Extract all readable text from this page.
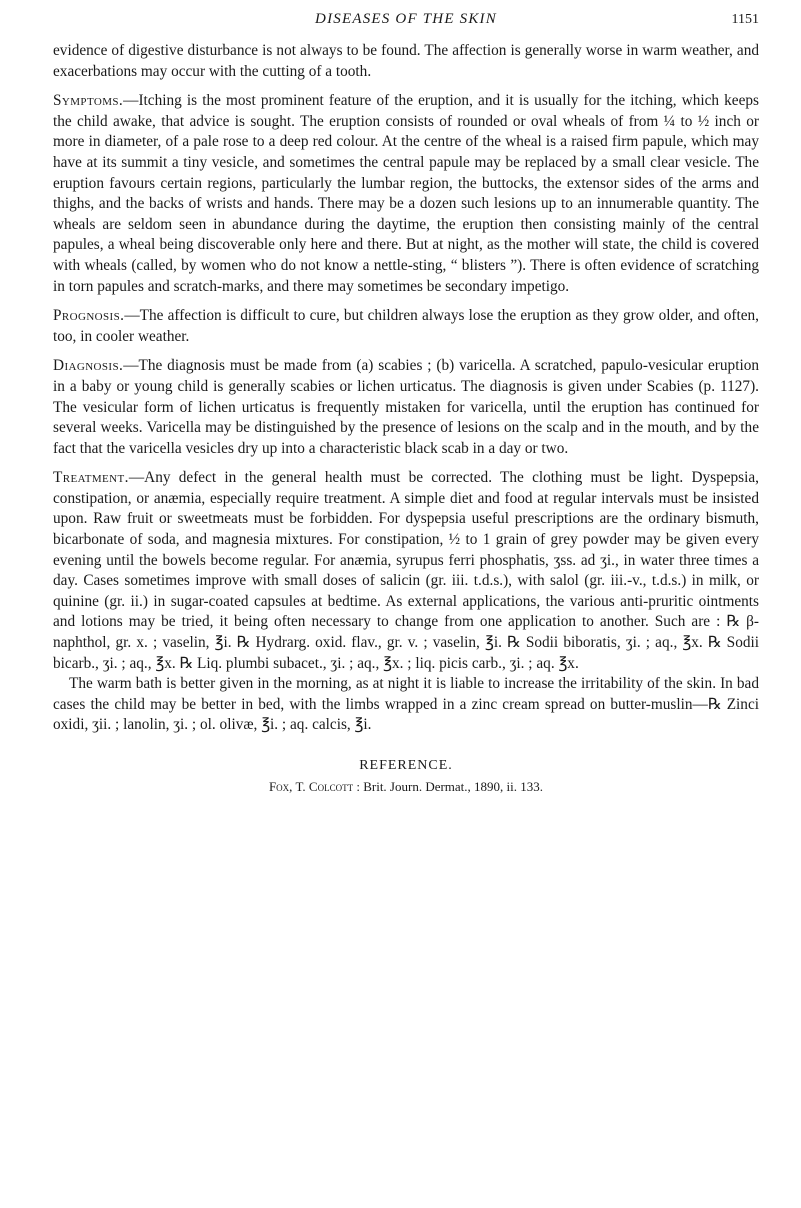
DISEASES OF THE SKIN	1151

evidence of digestive disturbance is not always to be found. The affection is generally worse in warm weather, and exacerbations may occur with the cutting of a tooth.

Symptoms.—Itching is the most prominent feature of the eruption, and it is usually for the itching, which keeps the child awake, that advice is sought. The eruption consists of rounded or oval wheals of from ¼ to ½ inch or more in diameter, of a pale rose to a deep red colour. At the centre of the wheal is a raised firm papule, which may have at its summit a tiny vesicle, and sometimes the central papule may be replaced by a small clear vesicle. The eruption favours certain regions, particularly the lumbar region, the buttocks, the extensor sides of the arms and thighs, and the backs of wrists and hands. There may be a dozen such lesions up to an innumerable quantity. The wheals are seldom seen in abundance during the daytime, the eruption then consisting mainly of the central papules, a wheal being discoverable only here and there. But at night, as the mother will state, the child is covered with wheals (called, by women who do not know a nettle-sting, “ blisters ”). There is often evidence of scratching in torn papules and scratch-marks, and there may sometimes be secondary impetigo.

Prognosis.—The affection is difficult to cure, but children always lose the eruption as they grow older, and often, too, in cooler weather.

Diagnosis.—The diagnosis must be made from (a) scabies ; (b) varicella. A scratched, papulo-vesicular eruption in a baby or young child is generally scabies or lichen urticatus. The diagnosis is given under Scabies (p. 1127). The vesicular form of lichen urticatus is frequently mistaken for varicella, until the eruption has continued for several weeks. Varicella may be distinguished by the presence of lesions on the scalp and in the mouth, and by the fact that the varicella vesicles dry up into a characteristic black scab in a day or two.

Treatment.—Any defect in the general health must be corrected. The clothing must be light. Dyspepsia, constipation, or anæmia, especially require treatment. A simple diet and food at regular intervals must be insisted upon. Raw fruit or sweetmeats must be forbidden. For dyspepsia useful prescriptions are the ordinary bismuth, bicarbonate of soda, and magnesia mixtures. For constipation, ½ to 1 grain of grey powder may be given every evening until the bowels become regular. For anæmia, syrupus ferri phosphatis, ʒss. ad ʒi., in water three times a day. Cases sometimes improve with small doses of salicin (gr. iii. t.d.s.), with salol (gr. iii.-v., t.d.s.) in milk, or quinine (gr. ii.) in sugar-coated capsules at bedtime. As external applications, the various anti-pruritic ointments and lotions may be tried, it being often necessary to change from one application to another. Such are : ℞ β-naphthol, gr. x. ; vaselin, ℥i. ℞ Hydrarg. oxid. flav., gr. v. ; vaselin, ℥i. ℞ Sodii biboratis, ʒi. ; aq., ℥x. ℞ Sodii bicarb., ʒi. ; aq., ℥x. ℞ Liq. plumbi subacet., ʒi. ; aq., ℥x. ; liq. picis carb., ʒi. ; aq. ℥x.

The warm bath is better given in the morning, as at night it is liable to increase the irritability of the skin. In bad cases the child may be better in bed, with the limbs wrapped in a zinc cream spread on butter-muslin—℞ Zinci oxidi, ʒii. ; lanolin, ʒi. ; ol. olivæ, ℥i. ; aq. calcis, ℥i.

REFERENCE.
Fox, T. Colcott : Brit. Journ. Dermat., 1890, ii. 133.
